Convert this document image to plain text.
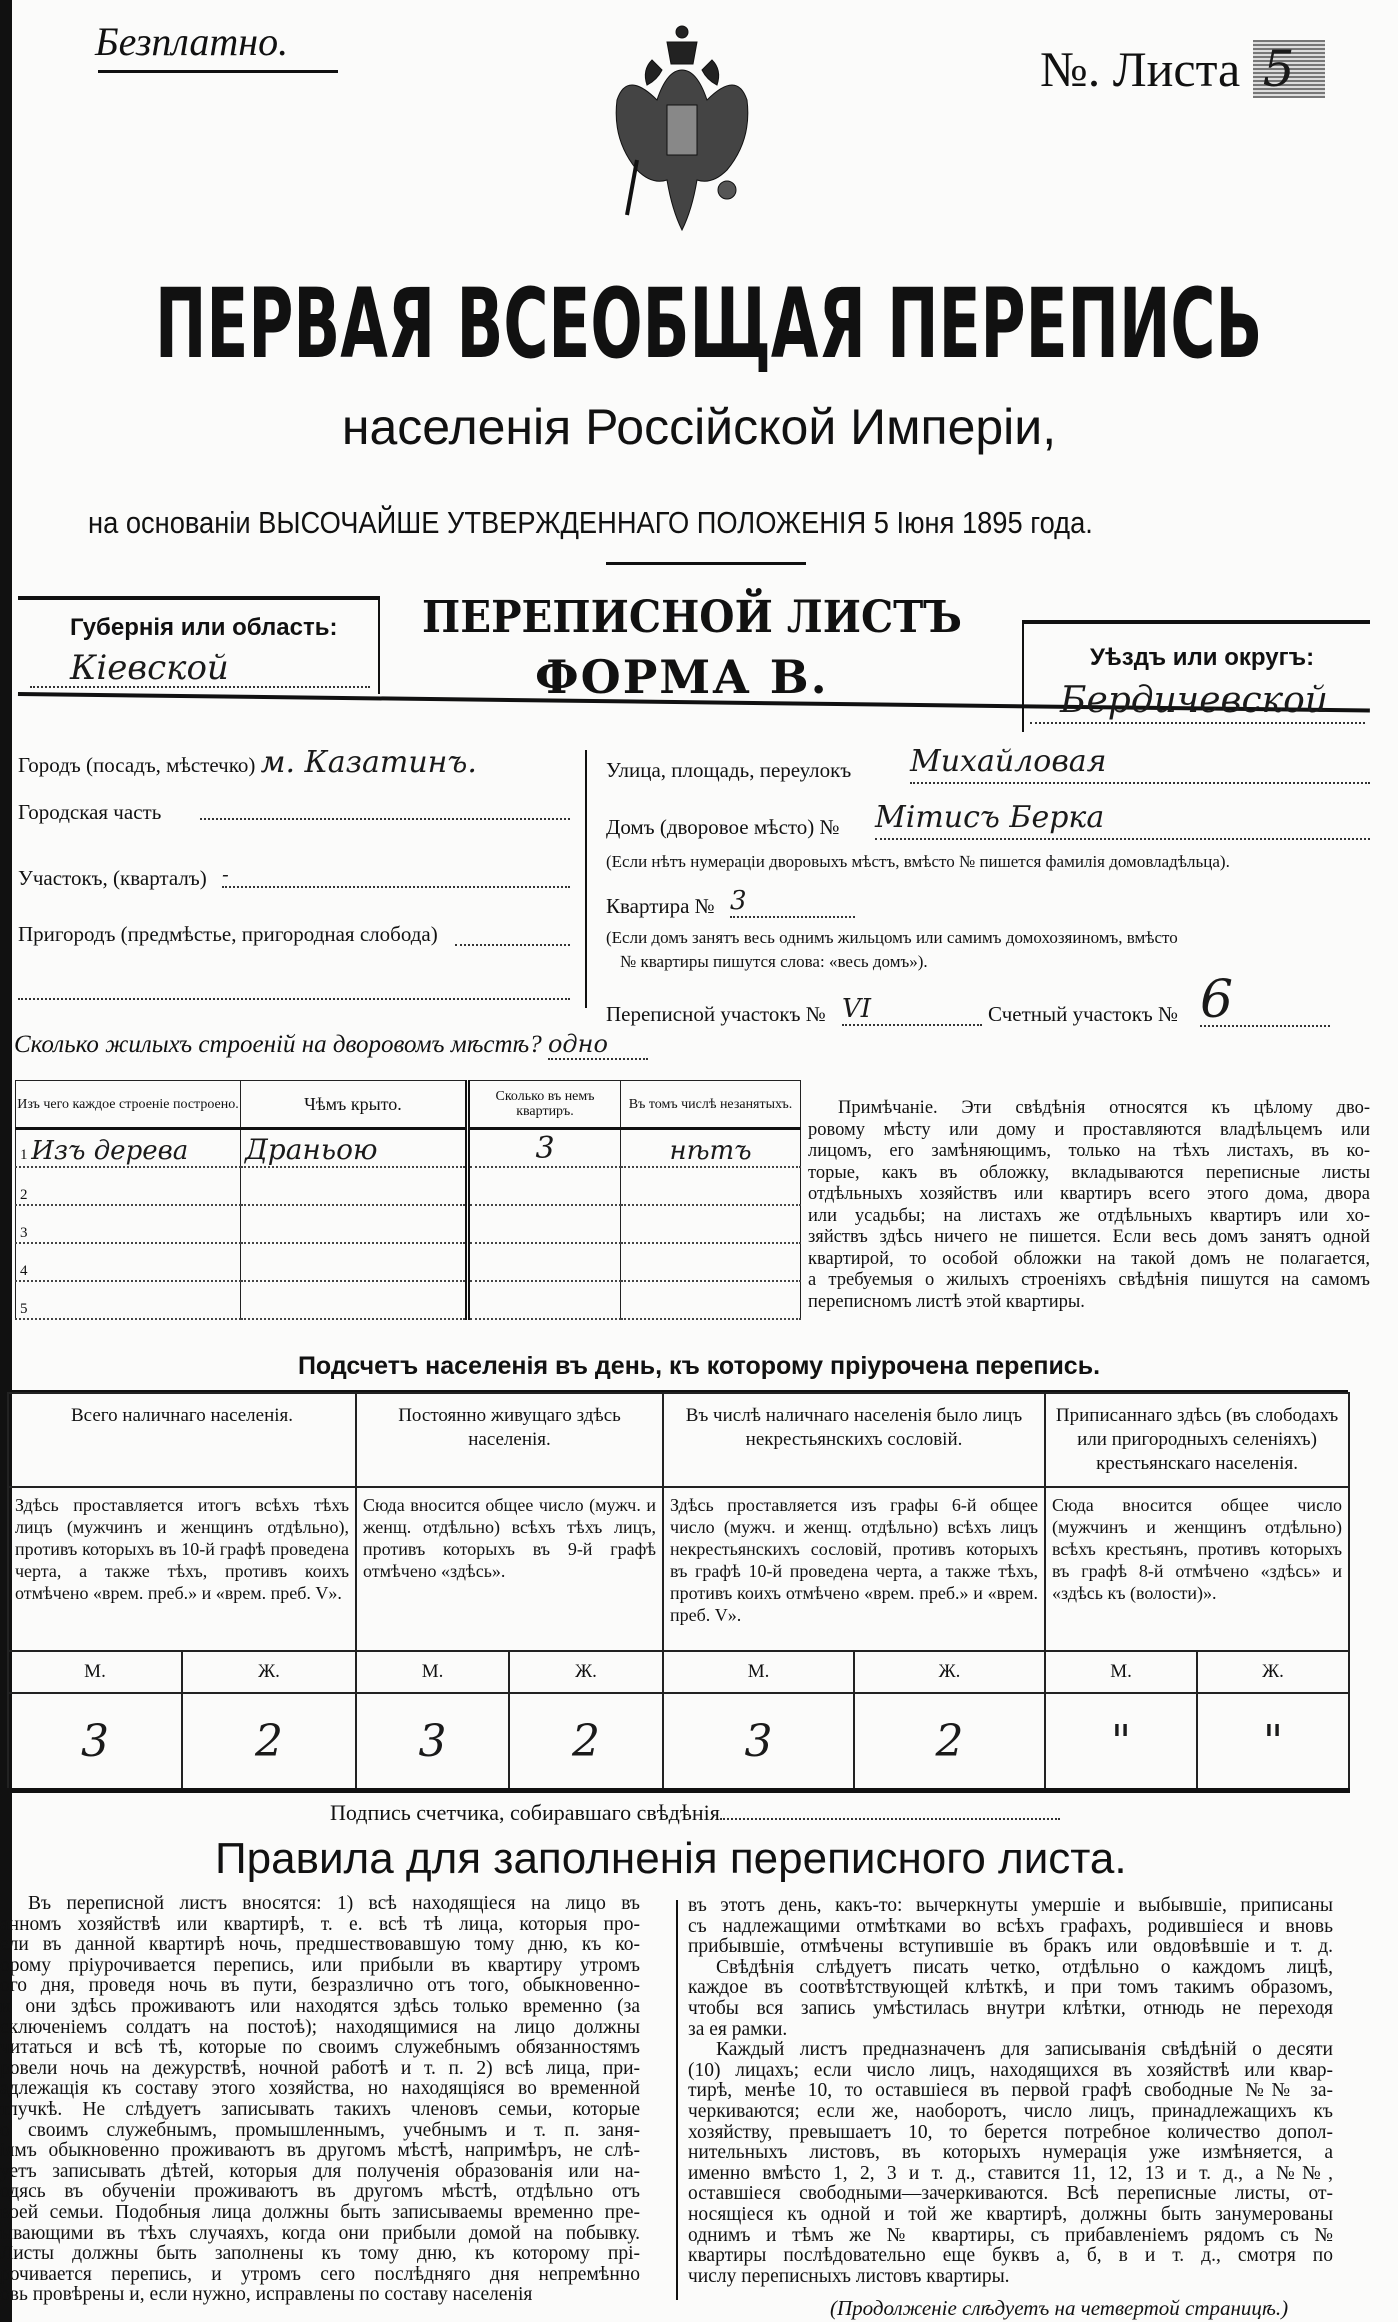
Безплатно.	№. Листа 5
ПЕРВАЯ ВСЕОБЩАЯ ПЕРЕПИСЬ
населенiя Россiйской Имперiи,
на основанiи ВЫСОЧАЙШЕ УТВЕРЖДЕННАГО ПОЛОЖЕНIЯ 5 Iюня 1895 года.
Губернiя или область:
Кiевской
ПЕРЕПИСНОЙ ЛИСТЪ
ФОРМА В.	Уѣздъ или округъ:
Бердичевской
Городъ (посадъ, мѣстечко) м. Казатинъ.
Городская часть
Участокъ, (кварталъ) -
Пригородъ (предмѣстье, пригородная слобода)
Улица, площадь, переулокъ Михайловая
Домъ (дворовое мѣсто) № Мiтисъ Берка
(Если нѣтъ нумерацiи дворовыхъ мѣстъ, вмѣсто № пишется фамилiя домовладѣльца).
Квартира № 3
(Если домъ занятъ весь однимъ жильцомъ или самимъ домохозяиномъ, вмѣсто
№ квартиры пишутся слова: «весь домъ»).
Переписной участокъ № VI	Счетный участокъ № 6
Сколько жилыхъ строенiй на дворовомъ мѣстѣ? одно
Изъ чего каждое строенiе построено.	Чѣмъ крыто.	Сколько въ немъ квартиръ.	Въ томъ числѣ незанятыхъ.
1 Изъ дерева	Драньою	3	нѣтъ
2			
3			
4			
5			
Примѣчанiе. Эти свѣдѣнiя относятся къ цѣлому дво-
ровому мѣсту или дому и проставляются владѣльцемъ или
лицомъ, его замѣняющимъ, только на тѣхъ листахъ, въ ко-
торые, какъ въ обложку, вкладываются переписные листы
отдѣльныхъ хозяйствъ или квартиръ всего этого дома, двора
или усадьбы; на листахъ же отдѣльныхъ квартиръ или хо-
зяйствъ здѣсь ничего не пишется. Если весь домъ занятъ одной
квартирой, то особой обложки на такой домъ не полагается,
а требуемыя о жилыхъ строенiяхъ свѣдѣнiя пишутся на самомъ
переписномъ листѣ этой квартиры.
Подсчетъ населенiя въ день, къ которому прiурочена перепись.
Всего наличнаго населенiя.		Постоянно живущаго здѣсь населенiя.		Въ числѣ наличнаго населенiя было лицъ некрестьянскихъ сословiй.		Приписаннаго здѣсь (въ слободахъ или пригородныхъ селенiяхъ) крестьянскаго населенiя.	
Здѣсь проставляется итогъ всѣхъ тѣхъ лицъ (мужчинъ и женщинъ отдѣльно), противъ которыхъ въ 10-й графѣ проведена черта, а также тѣхъ, противъ коихъ отмѣчено «врем. преб.» и «врем. преб. V».		Сюда вносится общее число (мужч. и женщ. отдѣльно) всѣхъ тѣхъ лицъ, противъ которыхъ въ 9-й графѣ отмѣчено «здѣсь».		Здѣсь проставляется изъ графы 6-й общее число (мужч. и женщ. отдѣльно) всѣхъ лицъ некрестьянскихъ сословiй, противъ которыхъ въ графѣ 10-й проведена черта, а также тѣхъ, противъ коихъ отмѣчено «врем. преб.» и «врем. преб. V».		Сюда вносится общее число (мужчинъ и женщинъ отдѣльно) всѣхъ крестьянъ, противъ которыхъ въ графѣ 8-й отмѣчено «здѣсь» и «здѣсь къ (волости)».	
М.	Ж.	М.	Ж.	М.	Ж.	М.	Ж.
3	2	3	2	3	2	"	"
Подпись счетчика, собиравшаго свѣдѣнiя
Правила для заполненiя переписного листа.
Въ переписной листъ вносятся: 1) всѣ находящiеся на лицо въ
анномъ хозяйствѣ или квартирѣ, т. е. всѣ тѣ лица, которыя про-
ели въ данной квартирѣ ночь, предшествовавшую тому дню, къ ко-
орому прiурочивается перепись, или прибыли въ квартиру утромъ
ого дня, проведя ночь въ пути, безразлично отъ того, обыкновенно-
и они здѣсь проживаютъ или находятся здѣсь только временно (за
сключенiемъ солдатъ на постоѣ); находящимися на лицо должны
читаться и всѣ тѣ, которые по своимъ служебнымъ обязанностямъ
ровели ночь на дежурствѣ, ночной работѣ и т. п. 2) всѣ лица, при-
адлежащiя къ составу этого хозяйства, но находящiяся во временной
тлучкѣ. Не слѣдуетъ записывать такихъ членовъ семьи, которые
о своимъ служебнымъ, промышленнымъ, учебнымъ и т. п. заня-
iямъ обыкновенно проживаютъ въ другомъ мѣстѣ, напримѣръ, не слѣ-
уетъ записывать дѣтей, которыя для полученiя образованiя или на-
одясь въ обученiи проживаютъ въ другомъ мѣстѣ, отдѣльно отъ
воей семьи. Подобныя лица должны быть записываемы временно пре-
ывающими въ тѣхъ случаяхъ, когда они прибыли домой на побывку.
Листы должны быть заполнены къ тому дню, къ которому прi-
рочивается перепись, и утромъ сего послѣдняго дня непремѣнно
овь провѣрены и, если нужно, исправлены по составу населенiя
въ этотъ день, какъ-то: вычеркнуты умершiе и выбывшiе, приписаны
съ надлежащими отмѣтками во всѣхъ графахъ, родившiеся и вновь
прибывшiе, отмѣчены вступившiе въ бракъ или овдовѣвшiе и т. д.
Свѣдѣнiя слѣдуетъ писать четко, отдѣльно о каждомъ лицѣ,
каждое въ соотвѣтствующей клѣткѣ, и при томъ такимъ образомъ,
чтобы вся запись умѣстилась внутри клѣтки, отнюдь не переходя
за ея рамки.
Каждый листъ предназначенъ для записыванiя свѣдѣнiй о десяти
(10) лицахъ; если число лицъ, находящихся въ хозяйствѣ или квар-
тирѣ, менѣе 10, то оставшiеся въ первой графѣ свободные №№ за-
черкиваются; если же, наоборотъ, число лицъ, принадлежащихъ къ
хозяйству, превышаетъ 10, то берется потребное количество допол-
нительныхъ листовъ, въ которыхъ нумерацiя уже измѣняется, а
именно вмѣсто 1, 2, 3 и т. д., ставится 11, 12, 13 и т. д., а №№,
оставшiеся свободными—зачеркиваются. Всѣ переписные листы, от-
носящiеся къ одной и той же квартирѣ, должны быть занумерованы
однимъ и тѣмъ же № квартиры, съ прибавленiемъ рядомъ съ №
квартиры послѣдовательно еще буквъ а, б, в и т. д., смотря по
числу переписныхъ листовъ квартиры.
(Продолженiе слѣдуетъ на четвертой страницѣ.)
